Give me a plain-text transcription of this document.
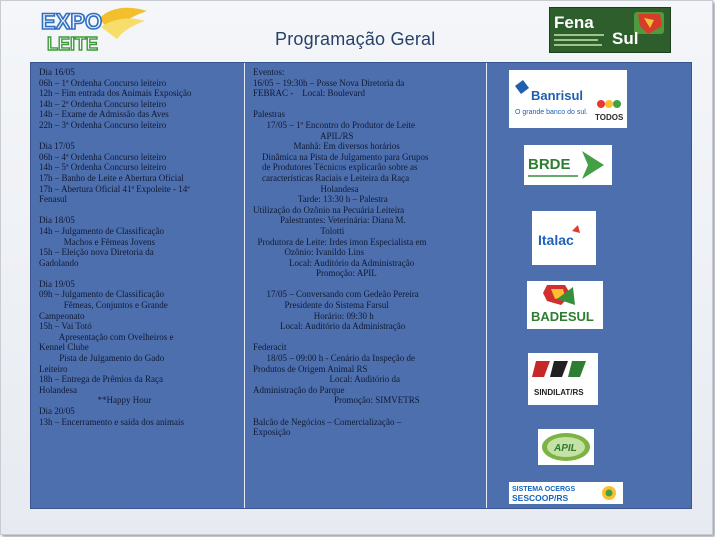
EXPO
LEITE	Programação Geral
Fena
Sul
Dia 16/05
06h – 1ª Ordenha Concurso leiteiro
12h – Fim entrada dos Animais Exposição
14h – 2ª Ordenha Concurso leiteiro
14h – Exame de Admissão das Aves
22h – 3ª Ordenha Concurso leiteiro

Dia 17/05
06h – 4ª Ordenha Concurso leiteiro
14h – 5ª Ordenha Concurso leiteiro
17h – Banho de Leite e Abertura Oficial
17h – Abertura Oficial 41ª Expoleite - 14ª
Fenasul

Dia 18/05
14h – Julgamento de Classificação
Machos e Fêmeas Jovens
15h – Eleição nova Diretoria da
Gadolando

Dia 19/05
09h – Julgamento de Classificação
Fêmeas, Conjuntos e Grande
Campeonato
15h – Vai Totó
Apresentação com Ovelheiros e
Kennel Clube
Pista de Julgamento do Gado
Leiteiro
18h – Entrega de Prêmios da Raça
Holandesa
**Happy Hour
Dia 20/05
13h – Encerramento e saída dos animais
Eventos:
16/05 – 19:30h – Posse Nova Diretoria da
FEBRAC -    Local: Boulevard

Palestras
17/05 – 1º Encontro do Produtor de Leite
APIL/RS
Manhã: Em diversos horários
Dinâmica na Pista de Julgamento para Grupos
de Produtores Técnicos explicarão sobre as
características Raciais e Leiteira da Raça
Holandesa
Tarde: 13:30 h – Palestra
Utilização do Ozônio na Pecuária Leiteira
Palestrantes: Veterinária: Diana M.
Tolotti
Produtora de Leite: Irdes imon Especialista em
Ozônio: Ivanildo Lins
Local: Auditório da Administração
Promoção: APIL

17/05 – Conversando com Gedeão Pereira
Presidente do Sistema Farsul
Horário: 09:30 h
Local: Auditório da Administração

Federacit
18/05 – 09:00 h - Cenário da Inspeção de
Produtos de Origem Animal RS
Local: Auditório da
Administração do Parque
Promoção: SIMVETRS

Balcão de Negócios – Comercialização –
Exposição
Banrisul
O grande banco do sul.
TODOS
BRDE
Italac
BADESUL
SINDILAT/RS
APIL
SISTEMA OCERGS
SESCOOP/RS
